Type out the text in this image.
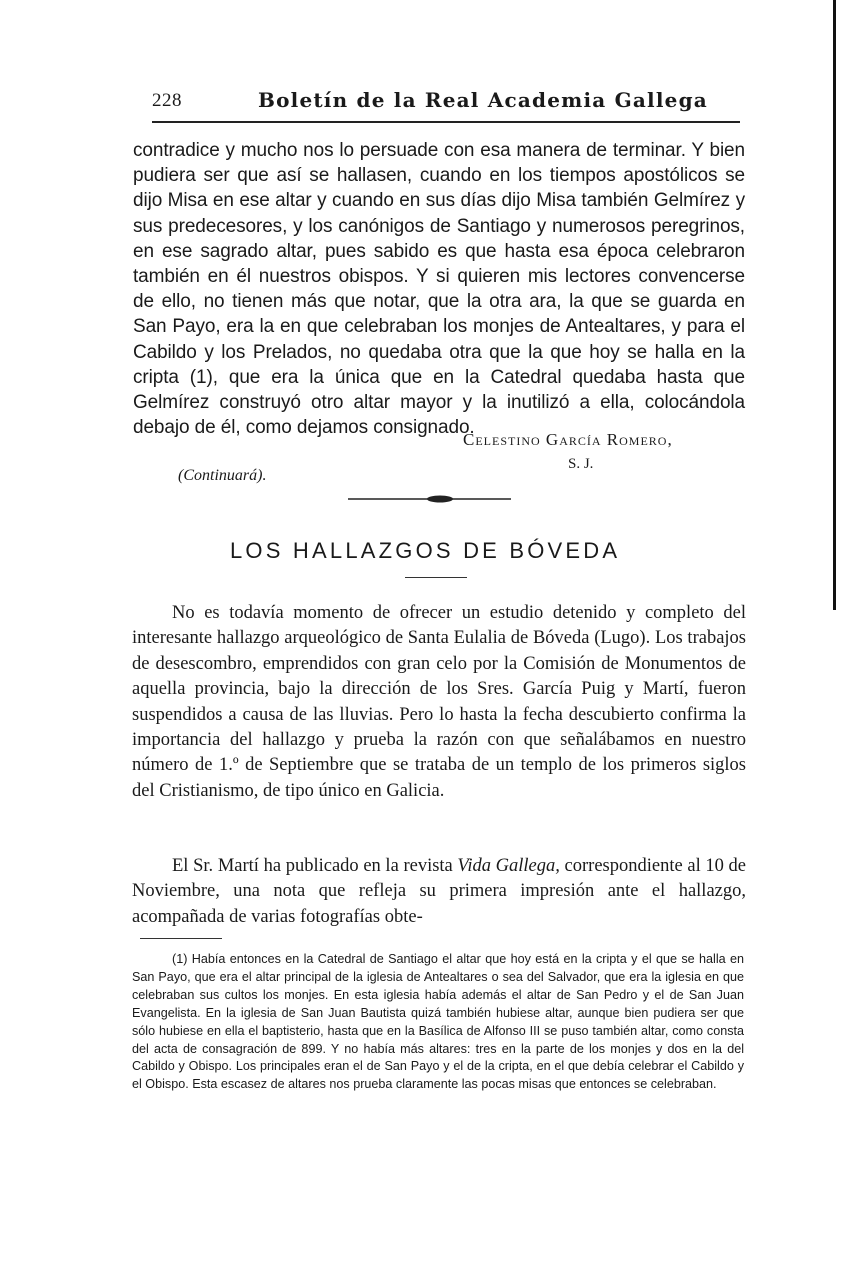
228	Boletín de la Real Academia Gallega

contradice y mucho nos lo persuade con esa manera de terminar. Y bien pudiera ser que así se hallasen, cuando en los tiempos apostólicos se dijo Misa en ese altar y cuando en sus días dijo Misa también Gelmírez y sus predecesores, y los canónigos de Santiago y numerosos peregrinos, en ese sagrado altar, pues sabido es que hasta esa época celebraron también en él nuestros obispos. Y si quieren mis lectores convencerse de ello, no tienen más que notar, que la otra ara, la que se guarda en San Payo, era la en que celebraban los monjes de Antealtares, y para el Cabildo y los Prelados, no quedaba otra que la que hoy se halla en la cripta (1), que era la única que en la Catedral quedaba hasta que Gelmírez construyó otro altar mayor y la inutilizó a ella, colocándola debajo de él, como dejamos consignado.

Celestino García Romero,
S. J.
(Continuará).
LOS HALLAZGOS DE BÓVEDA

No es todavía momento de ofrecer un estudio detenido y completo del interesante hallazgo arqueológico de Santa Eulalia de Bóveda (Lugo). Los trabajos de desescombro, emprendidos con gran celo por la Comisión de Monumentos de aquella provincia, bajo la dirección de los Sres. García Puig y Martí, fueron suspendidos a causa de las lluvias. Pero lo hasta la fecha descubierto confirma la importancia del hallazgo y prueba la razón con que señalábamos en nuestro número de 1.º de Septiembre que se trataba de un templo de los primeros siglos del Cristianismo, de tipo único en Galicia.

El Sr. Martí ha publicado en la revista Vida Gallega, correspondiente al 10 de Noviembre, una nota que refleja su primera impresión ante el hallazgo, acompañada de varias fotografías obte-

(1) Había entonces en la Catedral de Santiago el altar que hoy está en la cripta y el que se halla en San Payo, que era el altar principal de la iglesia de Antealtares o sea del Salvador, que era la iglesia en que celebraban sus cultos los monjes. En esta iglesia había además el altar de San Pedro y el de San Juan Evangelista. En la iglesia de San Juan Bautista quizá también hubiese altar, aunque bien pudiera ser que sólo hubiese en ella el baptisterio, hasta que en la Basílica de Alfonso III se puso también altar, como consta del acta de consagración de 899. Y no había más altares: tres en la parte de los monjes y dos en la del Cabildo y Obispo. Los principales eran el de San Payo y el de la cripta, en el que debía celebrar el Cabildo y el Obispo. Esta escasez de altares nos prueba claramente las pocas misas que entonces se celebraban.
